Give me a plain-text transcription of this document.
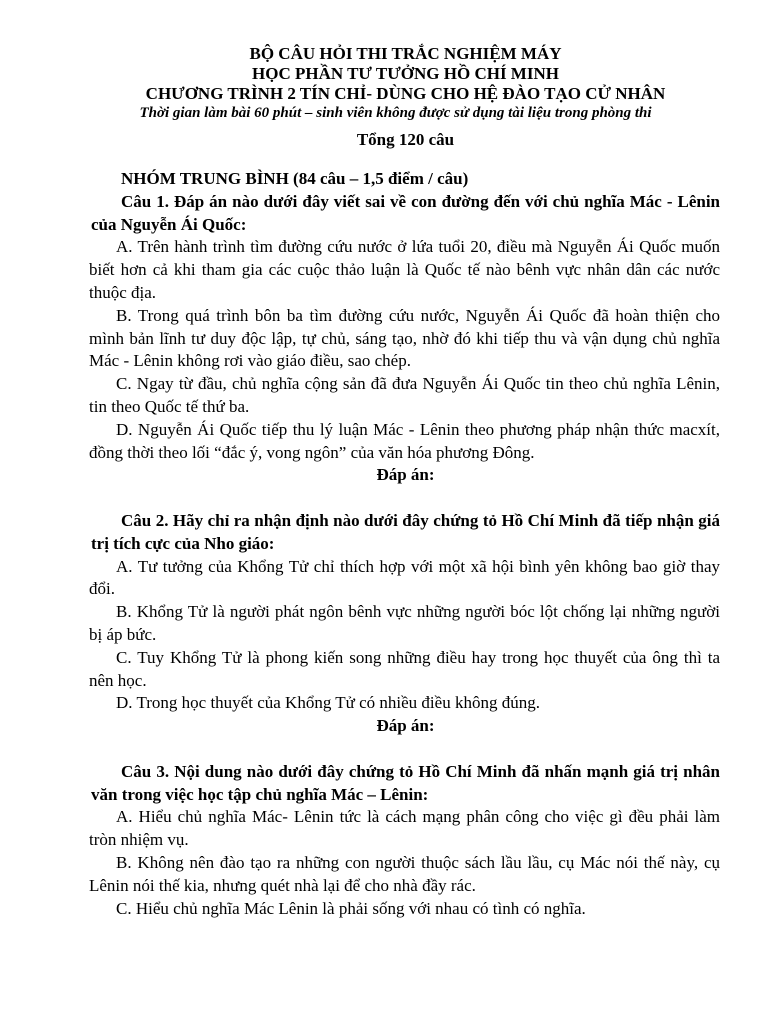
BỘ CÂU HỎI THI TRẮC NGHIỆM MÁY
HỌC PHẦN TƯ TƯỞNG HỒ CHÍ MINH
CHƯƠNG TRÌNH 2 TÍN CHỈ- DÙNG CHO HỆ ĐÀO TẠO CỬ NHÂN
Thời gian làm bài 60 phút – sinh viên không được sử dụng tài liệu trong phòng thi
Tổng 120 câu
NHÓM TRUNG BÌNH (84 câu – 1,5 điểm / câu)
Câu 1. Đáp án nào dưới đây viết sai về con đường đến với chủ nghĩa Mác - Lênin của Nguyễn Ái Quốc:
A. Trên hành trình tìm đường cứu nước ở lứa tuổi 20, điều mà Nguyễn Ái Quốc muốn biết hơn cả khi tham gia các cuộc thảo luận là Quốc tế nào bênh vực nhân dân các nước thuộc địa.
B. Trong quá trình bôn ba tìm đường cứu nước, Nguyễn Ái Quốc đã hoàn thiện cho mình bản lĩnh tư duy độc lập, tự chủ, sáng tạo, nhờ đó khi tiếp thu và vận dụng chủ nghĩa Mác - Lênin không rơi vào giáo điều, sao chép.
C. Ngay từ đầu, chủ nghĩa cộng sản đã đưa Nguyễn Ái Quốc tin theo chủ nghĩa Lênin, tin theo Quốc tế thứ ba.
D. Nguyễn Ái Quốc tiếp thu lý luận Mác - Lênin theo phương pháp nhận thức macxít, đồng thời theo lối “đắc ý, vong ngôn” của văn hóa phương Đông.
Đáp án:
Câu 2. Hãy chỉ ra nhận định nào dưới đây chứng tỏ Hồ Chí Minh đã tiếp nhận giá trị tích cực của Nho giáo:
A. Tư tưởng của Khổng Tử chỉ thích hợp với một xã hội bình yên không bao giờ thay đổi.
B. Khổng Tử là người phát ngôn bênh vực những người bóc lột chống lại những người bị áp bức.
C. Tuy Khổng Tử là phong kiến song những điều hay trong học thuyết của ông thì ta nên học.
D. Trong học thuyết của Khổng Tử có nhiều điều không đúng.
Đáp án:
Câu 3. Nội dung nào dưới đây chứng tỏ Hồ Chí Minh đã nhấn mạnh giá trị nhân văn trong việc học tập chủ nghĩa Mác – Lênin:
A. Hiểu chủ nghĩa Mác- Lênin tức là cách mạng phân công cho việc gì đều phải làm tròn nhiệm vụ.
B. Không nên đào tạo ra những con người thuộc sách lầu lầu, cụ Mác nói thế này, cụ Lênin nói thế kia, nhưng quét nhà lại để cho nhà đầy rác.
C. Hiểu chủ nghĩa Mác Lênin là phải sống với nhau có tình có nghĩa.
